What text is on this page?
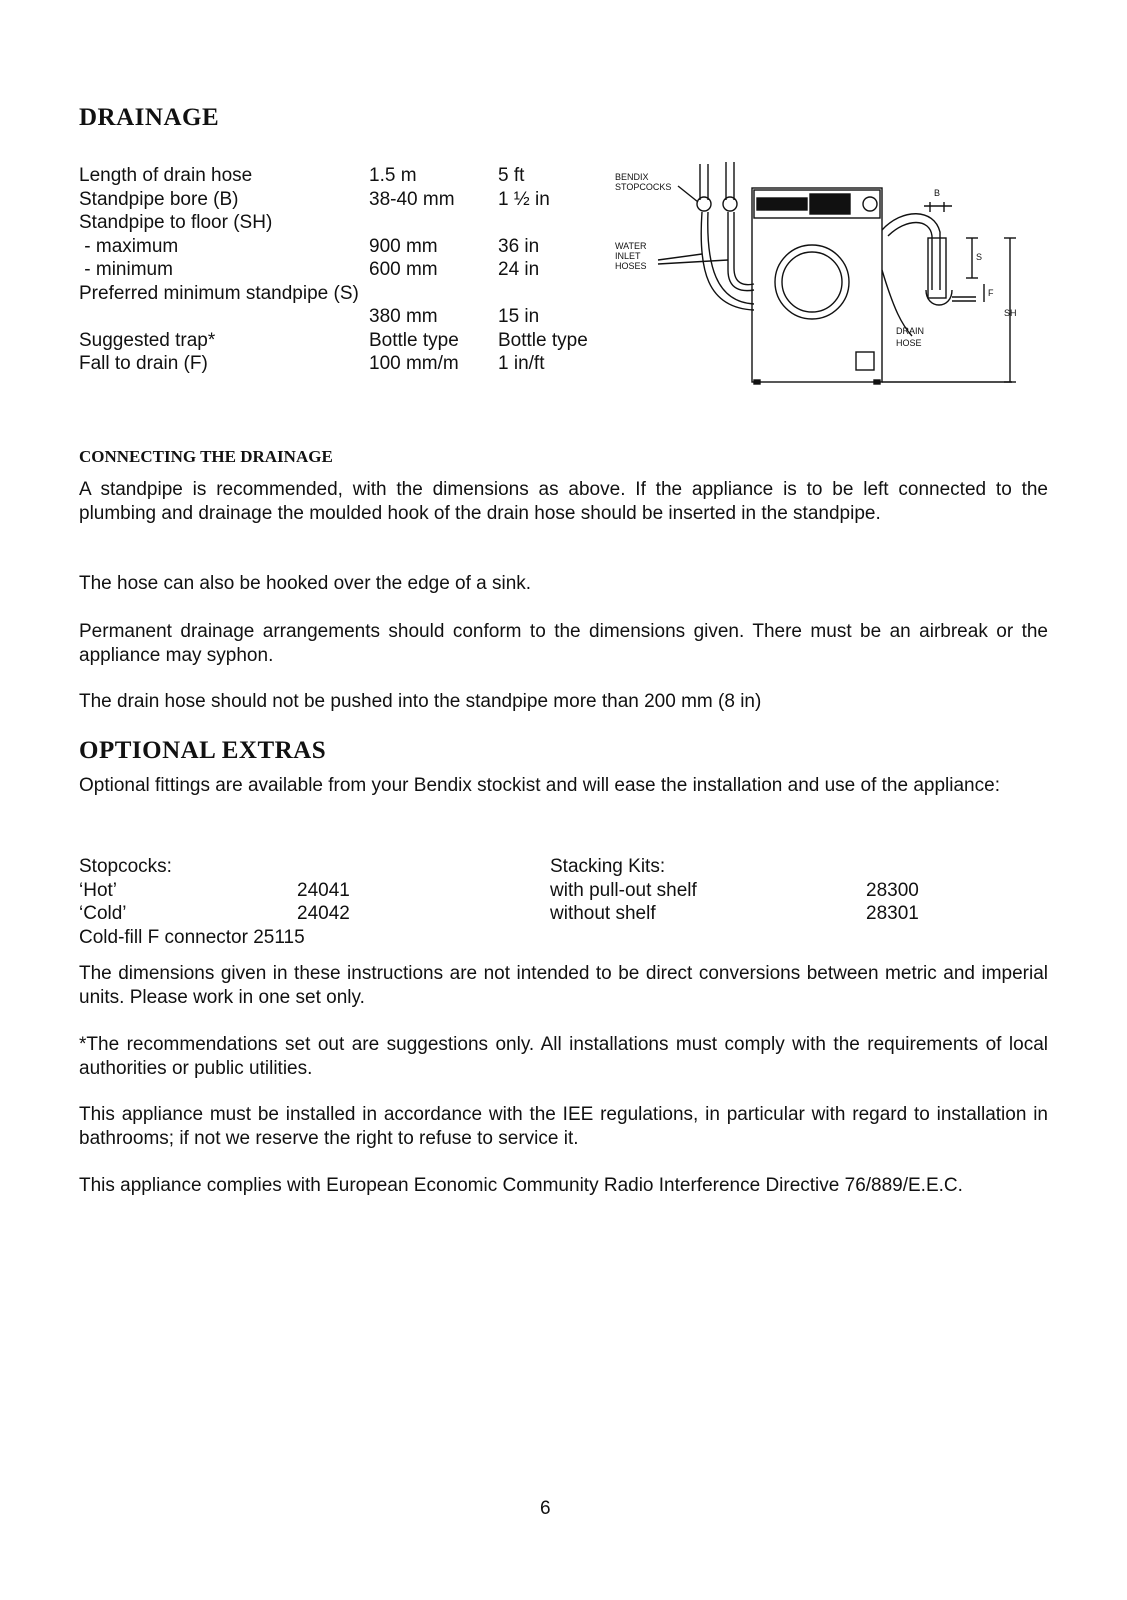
DRAINAGE
Length of drain hose	1.5 m	5 ft
Standpipe bore (B)	38-40 mm 1 ½ in
Standpipe to floor (SH)
- maximum	900 mm	36 in
- minimum	600 mm	24 in
Preferred minimum standpipe (S)
380 mm	15 in
Suggested trap*	Bottle type Bottle type
Fall to drain (F)	100 mm/m 1 in/ft
BENDIX
STOPCOCKS
WATER
INLET
HOSES
B
S
F
SH
DRAIN
HOSE
CONNECTING THE DRAINAGE

A standpipe is recommended, with the dimensions as above. If the appliance is to be left connected to the plumbing and drainage the moulded hook of the drain hose should be inserted in the standpipe.

The hose can also be hooked over the edge of a sink.

Permanent drainage arrangements should conform to the dimensions given. There must be an airbreak or the appliance may syphon.

The drain hose should not be pushed into the standpipe more than 200 mm (8 in)

OPTIONAL EXTRAS

Optional fittings are available from your Bendix stockist and will ease the installation and use of the appliance:

Stopcocks:
‘Hot’	24041
‘Cold’	24042
Cold-fill F connector 25115
Stacking Kits:
with pull-out shelf	28300
without shelf	28301

The dimensions given in these instructions are not intended to be direct conversions between metric and imperial units. Please work in one set only.

*The recommendations set out are suggestions only. All installations must comply with the requirements of local authorities or public utilities.

This appliance must be installed in accordance with the IEE regulations, in particular with regard to installation in bathrooms; if not we reserve the right to refuse to service it.

This appliance complies with European Economic Community Radio Interference Directive 76/889/E.E.C.

6
